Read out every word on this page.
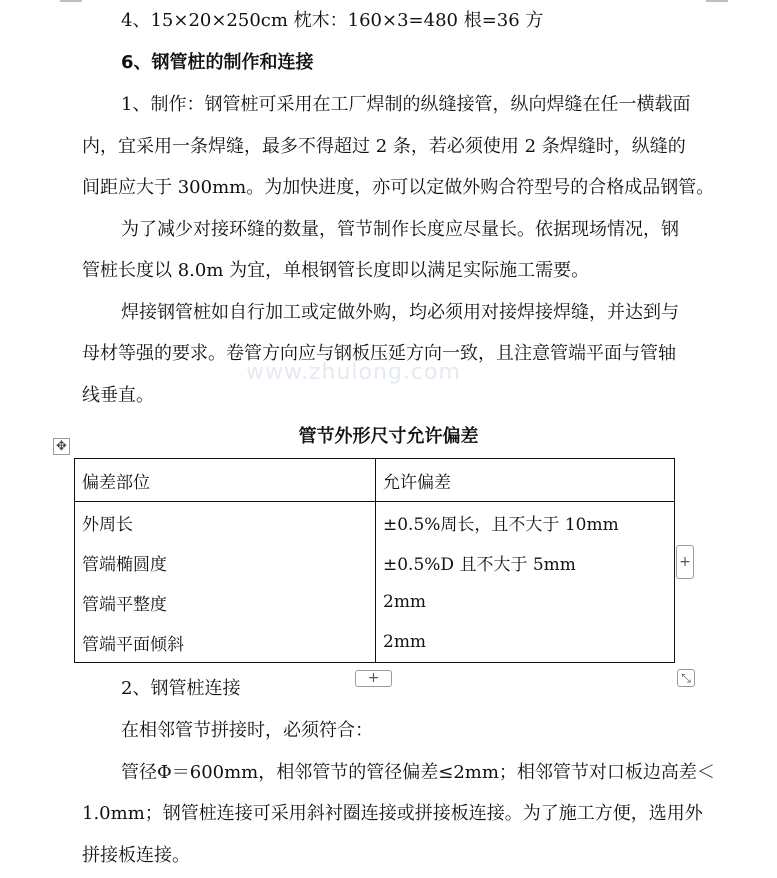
4、15×20×250cm 枕木：160×3=480 根=36 方
6、钢管桩的制作和连接
1、制作：钢管桩可采用在工厂焊制的纵缝接管，纵向焊缝在任一横载面
内，宜采用一条焊缝，最多不得超过 2 条，若必须使用 2 条焊缝时，纵缝的
间距应大于 300mm。为加快进度，亦可以定做外购合符型号的合格成品钢管。
为了减少对接环缝的数量，管节制作长度应尽量长。依据现场情况，钢
管桩长度以 8.0m 为宜，单根钢管长度即以满足实际施工需要。
焊接钢管桩如自行加工或定做外购，均必须用对接焊接焊缝，并达到与
母材等强的要求。卷管方向应与钢板压延方向一致，且注意管端平面与管轴
线垂直。
www.zhulong.com
管节外形尺寸允许偏差
✥
偏差部位	允许偏差
外周长	±0.5%周长，且不大于 10mm
管端椭圆度	±0.5%D 且不大于 5mm
管端平整度	2mm
管端平面倾斜	2mm
+
+	⤡
2、钢管桩连接
在相邻管节拼接时，必须符合：
管径Φ＝600mm，相邻管节的管径偏差≤2mm；相邻管节对口板边高差＜
1.0mm；钢管桩连接可采用斜衬圈连接或拼接板连接。为了施工方便，选用外
拼接板连接。
